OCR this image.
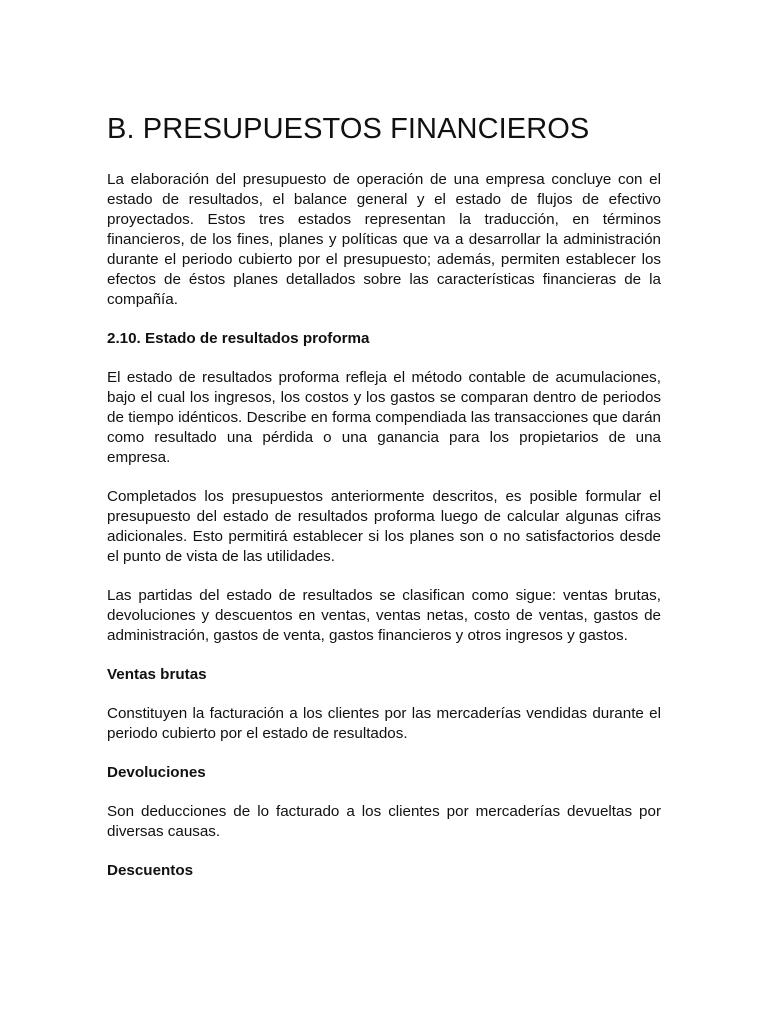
B. PRESUPUESTOS FINANCIEROS

La elaboración del presupuesto de operación de una empresa concluye con el estado de resultados, el balance general y el estado de flujos de efectivo proyectados. Estos tres estados representan la traducción, en términos financieros, de los fines, planes y políticas que va a desarrollar la administración durante el periodo cubierto por el presupuesto; además, permiten establecer los efectos de éstos planes detallados sobre las características financieras de la compañía.

2.10. Estado de resultados proforma

El estado de resultados proforma refleja el método contable de acumulaciones, bajo el cual los ingresos, los costos y los gastos se comparan dentro de periodos de tiempo idénticos. Describe en forma compendiada las transacciones que darán como resultado una pérdida o una ganancia para los propietarios de una empresa.

Completados los presupuestos anteriormente descritos, es posible formular el presupuesto del estado de resultados proforma luego de calcular algunas cifras adicionales. Esto permitirá establecer si los planes son o no satisfactorios desde el punto de vista de las utilidades.

Las partidas del estado de resultados se clasifican como sigue: ventas brutas, devoluciones y descuentos en ventas, ventas netas, costo de ventas, gastos de administración, gastos de venta, gastos financieros y otros ingresos y gastos.

Ventas brutas

Constituyen la facturación a los clientes por las mercaderías vendidas durante el periodo cubierto por el estado de resultados.

Devoluciones

Son deducciones de lo facturado a los clientes por mercaderías devueltas por diversas causas.

Descuentos
